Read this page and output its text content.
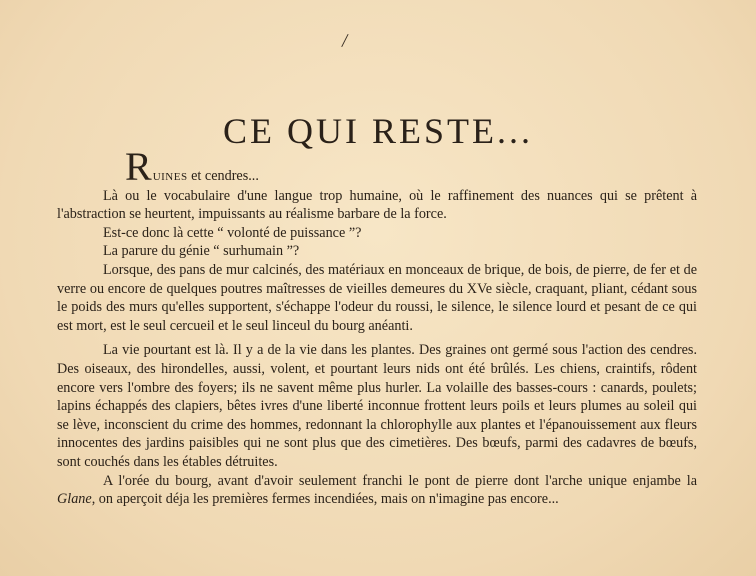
/
CE QUI RESTE...

RUINES et cendres...

Là ou le vocabulaire d'une langue trop humaine, où le raffinement des nuances qui se prêtent à l'abstraction se heurtent, impuissants au réalisme barbare de la force.

Est-ce donc là cette “ volonté de puissance ”?

La parure du génie “ surhumain ”?

Lorsque, des pans de mur calcinés, des matériaux en monceaux de brique, de bois, de pierre, de fer et de verre ou encore de quelques poutres maîtresses de vieilles demeures du XVe siècle, craquant, pliant, cédant sous le poids des murs qu'elles supportent, s'échappe l'odeur du roussi, le silence, le silence lourd et pesant de ce qui est mort, est le seul cercueil et le seul linceul du bourg anéanti.

La vie pourtant est là. Il y a de la vie dans les plantes. Des graines ont germé sous l'action des cendres. Des oiseaux, des hirondelles, aussi, volent, et pourtant leurs nids ont été brûlés. Les chiens, craintifs, rôdent encore vers l'ombre des foyers; ils ne savent même plus hurler. La volaille des basses-cours : canards, poulets; lapins échappés des clapiers, bêtes ivres d'une liberté inconnue frottent leurs poils et leurs plumes au soleil qui se lève, inconscient du crime des hommes, redonnant la chlorophylle aux plantes et l'épanouissement aux fleurs innocentes des jardins paisibles qui ne sont plus que des cimetières. Des bœufs, parmi des cadavres de bœufs, sont couchés dans les étables détruites.

A l'orée du bourg, avant d'avoir seulement franchi le pont de pierre dont l'arche unique enjambe la Glane, on aperçoit déja les premières fermes incendiées, mais on n'imagine pas encore...
